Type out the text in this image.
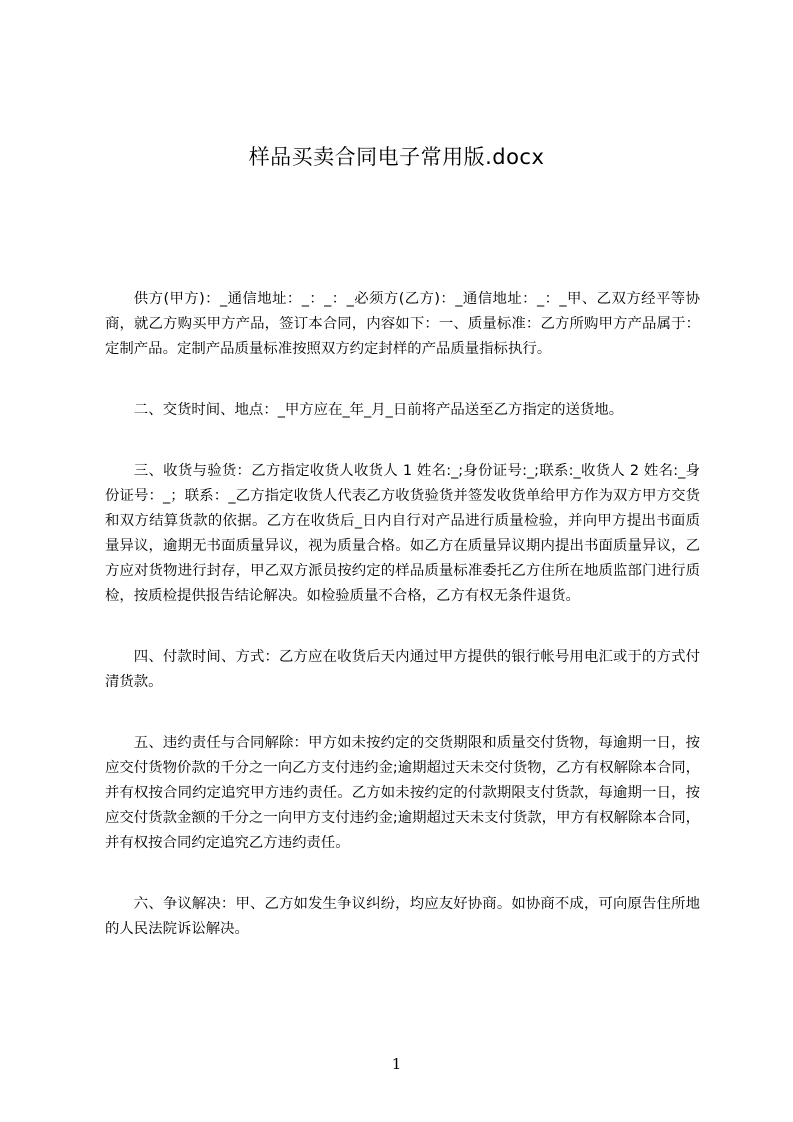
样品买卖合同电子常用版.docx

供方(甲方)：_通信地址：_：_：_必须方(乙方)：_通信地址：_：_甲、乙双方经平等协商，就乙方购买甲方产品，签订本合同，内容如下：一、质量标准：乙方所购甲方产品属于：定制产品。定制产品质量标准按照双方约定封样的产品质量指标执行。

二、交货时间、地点：_甲方应在_年_月_日前将产品送至乙方指定的送货地。

三、收货与验货：乙方指定收货人收货人 1 姓名:_;身份证号:_;联系:_收货人 2 姓名:_身份证号：_；联系：_乙方指定收货人代表乙方收货验货并签发收货单给甲方作为双方甲方交货和双方结算货款的依据。乙方在收货后_日内自行对产品进行质量检验，并向甲方提出书面质量异议，逾期无书面质量异议，视为质量合格。如乙方在质量异议期内提出书面质量异议，乙方应对货物进行封存，甲乙双方派员按约定的样品质量标准委托乙方住所在地质监部门进行质检，按质检提供报告结论解决。如检验质量不合格，乙方有权无条件退货。

四、付款时间、方式：乙方应在收货后天内通过甲方提供的银行帐号用电汇或于的方式付清货款。

五、违约责任与合同解除：甲方如未按约定的交货期限和质量交付货物，每逾期一日，按应交付货物价款的千分之一向乙方支付违约金;逾期超过天未交付货物，乙方有权解除本合同，并有权按合同约定追究甲方违约责任。乙方如未按约定的付款期限支付货款，每逾期一日，按应交付货款金额的千分之一向甲方支付违约金;逾期超过天未支付货款，甲方有权解除本合同，并有权按合同约定追究乙方违约责任。

六、争议解决：甲、乙方如发生争议纠纷，均应友好协商。如协商不成，可向原告住所地的人民法院诉讼解决。

1
